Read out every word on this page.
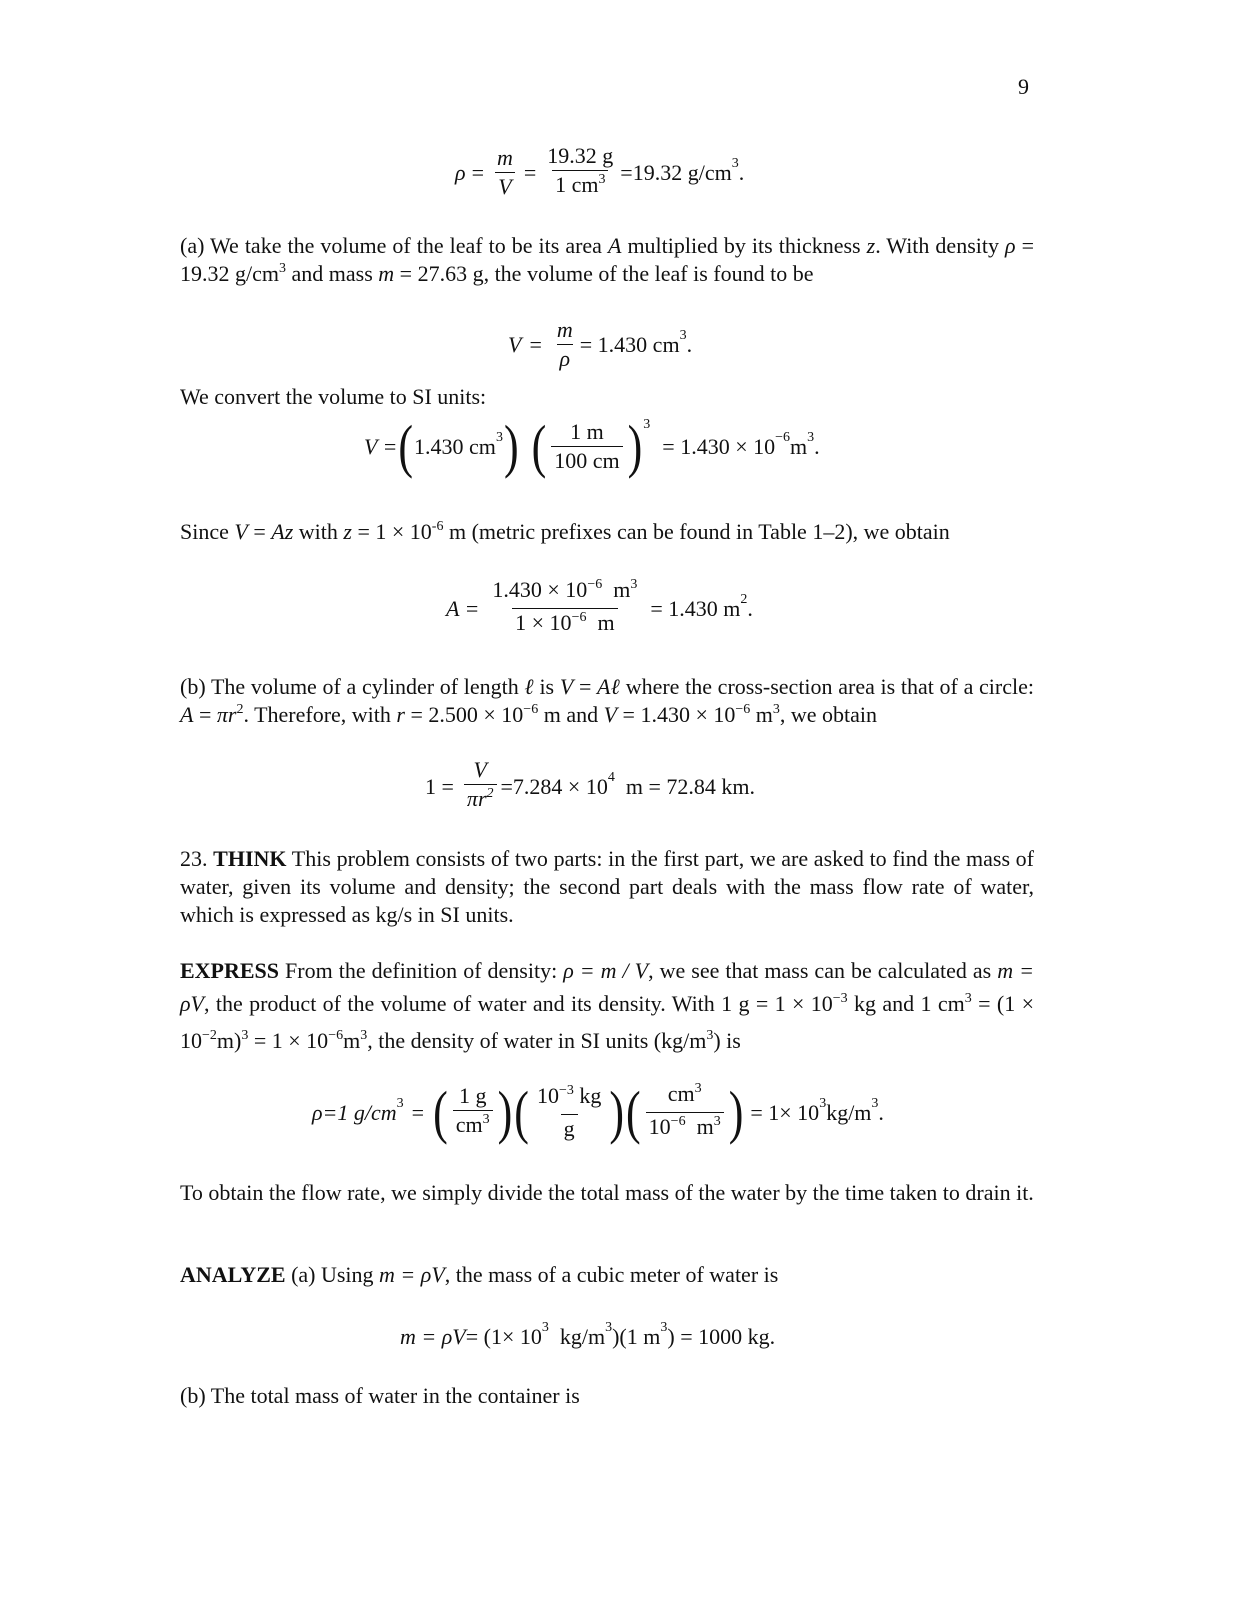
9
$\rho = \frac{m}{V} = \frac{19.32 g}{1 cm^3} =19.32$ g/cm 3 .
(a) We take the volume of the leaf to be its area A multiplied by its thickness z. With density ρ = 19.32 $g/cm^3$ and mass m = 27.63 g, the volume of the leaf is found to be
$V = \frac{m}{\rho} = 1.430$ cm 3 .
We convert the volume to SI units:
V = ( 1.430 cm 3 ) ( $\frac{1 m}{100 cm}$ ) 3
= 1.430 × 10 −6 m 3 .
Since V = Az with $z = 1 \times 10^{-6}$ m (metric prefixes can be found in Table 1–2), we obtain
$A = \frac{1.430 \times 10^{-6} m^3}{1 \times 10^{-6} m} = 1.430$ m 2 .
(b) The volume of a cylinder of length ℓ is V = Aℓ where the cross-section area is that of a circle: $A = \pi r^2$. Therefore, with $r = 2.500 \times 10^{-6}$ m and $V = 1.430 \times 10^{-6}$ $m^3$, we obtain
$1 = \frac{V}{\pi r^2} =7.284 \times 10$ 4 m = 72.84 km.
23. THINK This problem consists of two parts: in the first part, we are asked to find the mass of water, given its volume and density; the second part deals with the mass flow rate of water, which is expressed as kg/s in SI units.
EXPRESS From the definition of density: ρ = m / V, we see that mass can be calculated as m = ρV, the product of the volume of water and its density. With 1 $g = 1 \times 10^{-3}$ kg and 1 $cm^3 = (1 \times 10^{-2}m)^3 = 1 \times 10^{-6}m^3$, the density of water in SI units $(kg/m^3)$ is
ρ=1 g/cm 3 = ( $\frac{1 g}{cm^3}$ ) ( $\frac{10^{-3} kg}{g}$ ) ( $\frac{cm^3}{10^{-6} m^3}$ ) = 1× 10 3 kg/m 3 .
To obtain the flow rate, we simply divide the total mass of the water by the time taken to drain it.
ANALYZE (a) Using m = ρV, the mass of a cubic meter of water is
m = ρV = (1× 10 3 kg/m 3 )(1 m 3 ) = 1000 kg.
(b) The total mass of water in the container is
